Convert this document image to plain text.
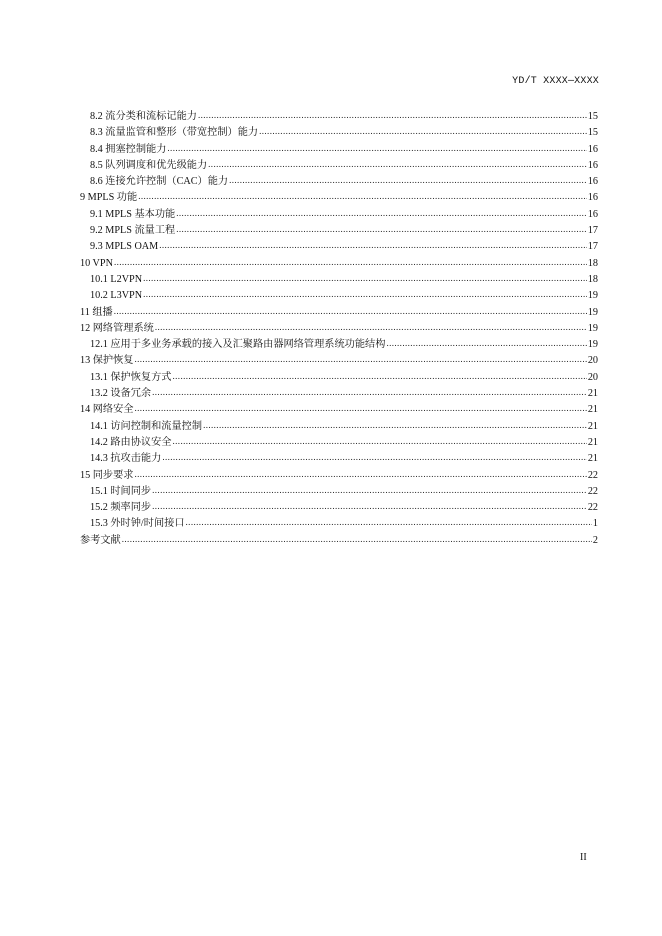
YD/T XXXX—XXXX
8.2 流分类和流标记能力 .....	15
8.3 流量监管和整形（带宽控制）能力 .....	15
8.4 拥塞控制能力 .....	16
8.5 队列调度和优先级能力 .....	16
8.6 连接允许控制（CAC）能力 .....	16
9 MPLS 功能 .....	16
9.1 MPLS 基本功能 .....	16
9.2 MPLS 流量工程 .....	17
9.3 MPLS OAM .....	17
10 VPN .....	18
10.1 L2VPN .....	18
10.2 L3VPN .....	19
11 组播 .....	19
12 网络管理系统 .....	19
12.1 应用于多业务承载的接入及汇聚路由器网络管理系统功能结构 .....	19
13 保护恢复 .....	20
13.1 保护恢复方式 .....	20
13.2 设备冗余 .....	21
14 网络安全 .....	21
14.1 访问控制和流量控制 .....	21
14.2 路由协议安全 .....	21
14.3 抗攻击能力 .....	21
15 同步要求 .....	22
15.1 时间同步 .....	22
15.2 频率同步 .....	22
15.3 外时钟/时间接口 .....	1
参考文献 .....	2
II
